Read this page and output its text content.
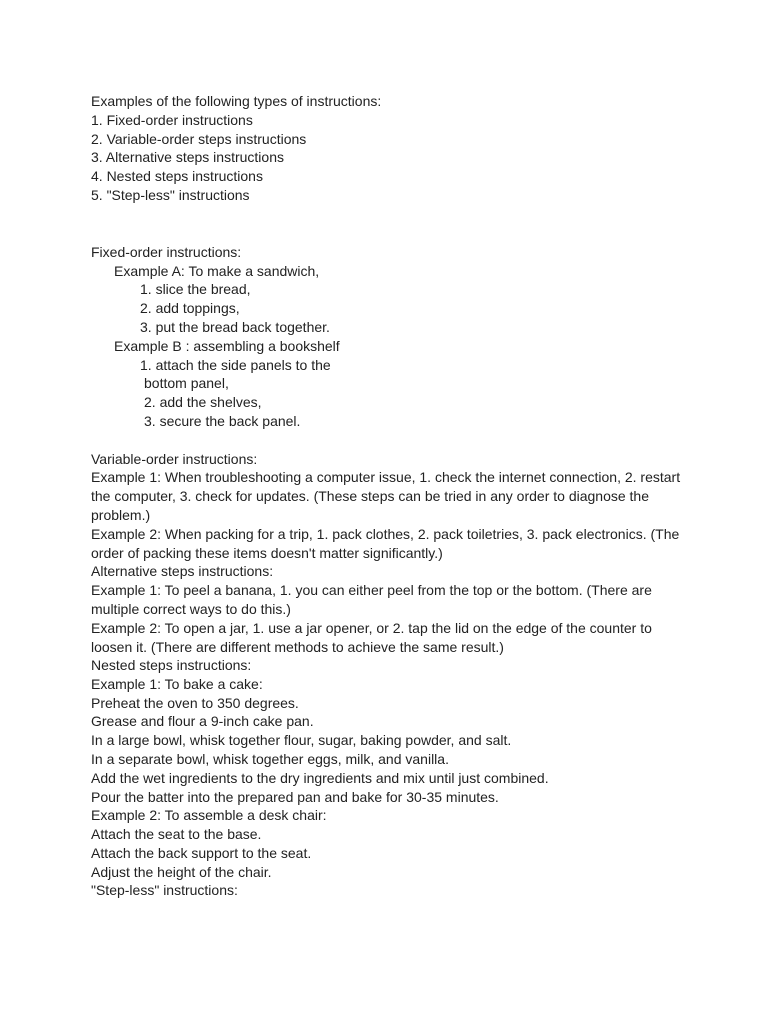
Examples of the following types of instructions:
1. Fixed-order instructions
2. Variable-order steps instructions
3. Alternative steps instructions
4. Nested steps instructions
5. "Step-less" instructions
Fixed-order instructions:
Example A: To make a sandwich,
1. slice the bread,
2. add toppings,
3. put the bread back together.
Example B : assembling a bookshelf
1. attach the side panels to the
bottom panel,
2. add the shelves,
3. secure the back panel.
Variable-order instructions:
Example 1: When troubleshooting a computer issue, 1. check the internet connection, 2. restart
the computer, 3. check for updates. (These steps can be tried in any order to diagnose the
problem.)
Example 2: When packing for a trip, 1. pack clothes, 2. pack toiletries, 3. pack electronics. (The
order of packing these items doesn't matter significantly.)
Alternative steps instructions:
Example 1: To peel a banana, 1. you can either peel from the top or the bottom. (There are
multiple correct ways to do this.)
Example 2: To open a jar, 1. use a jar opener, or 2. tap the lid on the edge of the counter to
loosen it. (There are different methods to achieve the same result.)
Nested steps instructions:
Example 1: To bake a cake:
Preheat the oven to 350 degrees.
Grease and flour a 9-inch cake pan.
In a large bowl, whisk together flour, sugar, baking powder, and salt.
In a separate bowl, whisk together eggs, milk, and vanilla.
Add the wet ingredients to the dry ingredients and mix until just combined.
Pour the batter into the prepared pan and bake for 30-35 minutes.
Example 2: To assemble a desk chair:
Attach the seat to the base.
Attach the back support to the seat.
Adjust the height of the chair.
"Step-less" instructions:
